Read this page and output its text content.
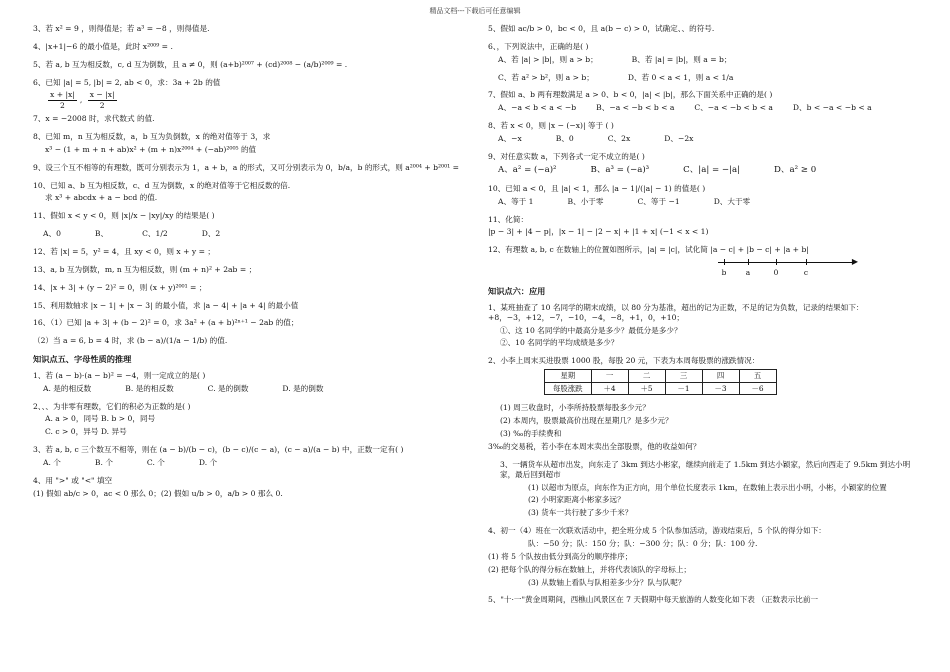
精品文档---下载后可任意编辑
3、若 x² = 9 ，则得值是；若 a³ = −8 ，则得值是.
4、|x+1|−6 的最小值是，此时 x²⁰⁰⁹ = .
5、若 a, b 互为相反数，c, d 互为倒数，且 a ≠ 0，则 (a+b)²⁰⁰⁷ + (cd)²⁰⁰⁸ − (a/b)²⁰⁰⁹ = .
6、已知 |a| = 5, |b| = 2, ab < 0，求：3a + 2b 的值
$\frac{x + |x|}{2}$ , $\frac{x - |x|}{2}$
7、x = −2008 时，求代数式 的值.
8、已知 m，n 互为相反数，a，b 互为负倒数，x 的绝对值等于 3，求
x³ − (1 + m + n + ab)x² + (m + n)x²⁰⁰⁴ + (−ab)²⁰⁰⁵ 的值
9、设三个互不相等的有理数，既可分别表示为 1，a + b，a 的形式，又可分别表示为 0，b/a，b 的形式，则 a²⁰⁰⁴ + b²⁰⁰¹ =
10、已知 a、b 互为相反数，c、d 互为倒数，x 的绝对值等于它相反数的倍.
求 x³ + abcdx + a − bcd 的值.
11、假如 x < y < 0，则 |x|/x − |xy|/xy 的结果是( )
A、0	B、	C、1/2	D、2
12、若 |x| = 5，y² = 4，且 xy < 0，则 x + y = ；
13、a, b 互为倒数，m, n 互为相反数，则 (m + n)² + 2ab = ；
14、|x + 3| + (y − 2)² = 0，则 (x + y)²⁰⁰¹ = ；
15、利用数轴求 |x − 1| + |x − 3| 的最小值，求 |a − 4| + |a + 4| 的最小值
16、（1）已知 |a + 3| + (b − 2)² = 0，求 3a² + (a + b)²ⁿ⁺¹ − 2ab 的值；
（2）当 a = 6, b = 4 时，求 (b − a)/(1/a − 1/b) 的值.
知识点五、字母性质的推理
1、若 (a − b)·(a − b)² = −4，则一定成立的是( )
A. 是的相反数	B. 是的相反数	C. 是的倒数	D. 是的倒数
2、、、为非零有理数，它们的积必为正数的是( )
A. a > 0，同号 B. b > 0，同号
C. c > 0，异号 D. 异号
3、若 a, b, c 三个数互不相等，则在 (a − b)/(b − c)，(b − c)/(c − a)，(c − a)/(a − b) 中，正数一定有( )
A. 个	B. 个	C. 个	D. 个
4、用 ">" 或 "<" 填空
(1) 假如 ab/c > 0，ac < 0 那么 0；(2) 假如 u/b > 0，a/b > 0 那么 0.
5、假如 ac/b > 0，bc < 0，且 a(b − c) > 0，试确定、、的符号.
6、，下列说法中，正确的是( )
A、若 |a| > |b|，则 a > b；	B、若 |a| = |b|，则 a = b；
C、若 a² > b²，则 a > b；	D、若 0 < a < 1，则 a < 1/a
7、假如 a、b 两有理数满足 a > 0、b < 0，|a| < |b|，那么下面关系中正确的是( )
A、−a < b < a < −b	B、−a < −b < b < a	C、−a < −b < b < a	D、b < −a < −b < a
8、若 x < 0，则 |x − (−x)| 等于 ( )
A、−x	B、0	C、2x	D、−2x
9、对任意实数 a，下列各式一定不成立的是( )
A、a² = (−a)²	B、a³ = (−a)³	C、|a| = −|a|	D、a² ≥ 0
10、已知 a < 0，且 |a| < 1，那么 |a − 1|/(|a| − 1) 的值是( )
A、等于 1	B、小于零	C、等于 −1	D、大于零
11、化简：
|p − 3| + |4 − p|，|x − 1| − |2 − x| + |1 + x| (−1 < x < 1)
12、有理数 a, b, c 在数轴上的位置如图所示，|a| = |c|，试化简 |a − c| + |b − c| + |a + b|
▶
b	a	0	c
知识点六：应用
1、某班抽查了 10 名同学的期末成绩，以 80 分为基准，超出的记为正数，不足的记为负数，记录的结果如下：+8，−3，+12，−7，−10，−4，−8，+1，0，+10；
①、这 10 名同学的中最高分是多少？最低分是多少？
②、10 名同学的平均成绩是多少？
2、小李上周末买进股票 1000 股，每股 20 元，下表为本周每股票的涨跌情况：
星期	一	二	三	四	五
每股涨跌	＋4	＋5	－1	－3	－6
(1) 周三收盘时，小李所持股票每股多少元？
(2) 本周内，股票最高价出现在星期几？是多少元？
(3) ‰的手续费和
3‰的交易税，若小李在本周末卖出全部股票，他的收益如何？
3、一辆货车从超市出发，向东走了 3km 到达小彬家，继续向前走了 1.5km 到达小颖家，然后向西走了 9.5km 到达小明家，最后回到超市
(1) 以超市为原点，向东作为正方向，用个单位长度表示 1km，在数轴上表示出小明，小彬，小颖家的位置
(2) 小明家距离小彬家多远？
(3) 货车一共行驶了多少千米？
4、初一（4）班在一次联欢活动中，把全班分成 5 个队参加活动，游戏结束后，5 个队的得分如下：
队：−50 分；队：150 分；队：−300 分；队：0 分；队：100 分.
(1) 将 5 个队按由低分到高分的顺序排序；
(2) 把每个队的得分标在数轴上，并将代表该队的字母标上；
(3) 从数轴上看队与队相差多少分？队与队呢？
5、"十·一"黄金周期间，西樵山风景区在 7 天假期中每天旅游的人数变化如下表 （正数表示比前一
